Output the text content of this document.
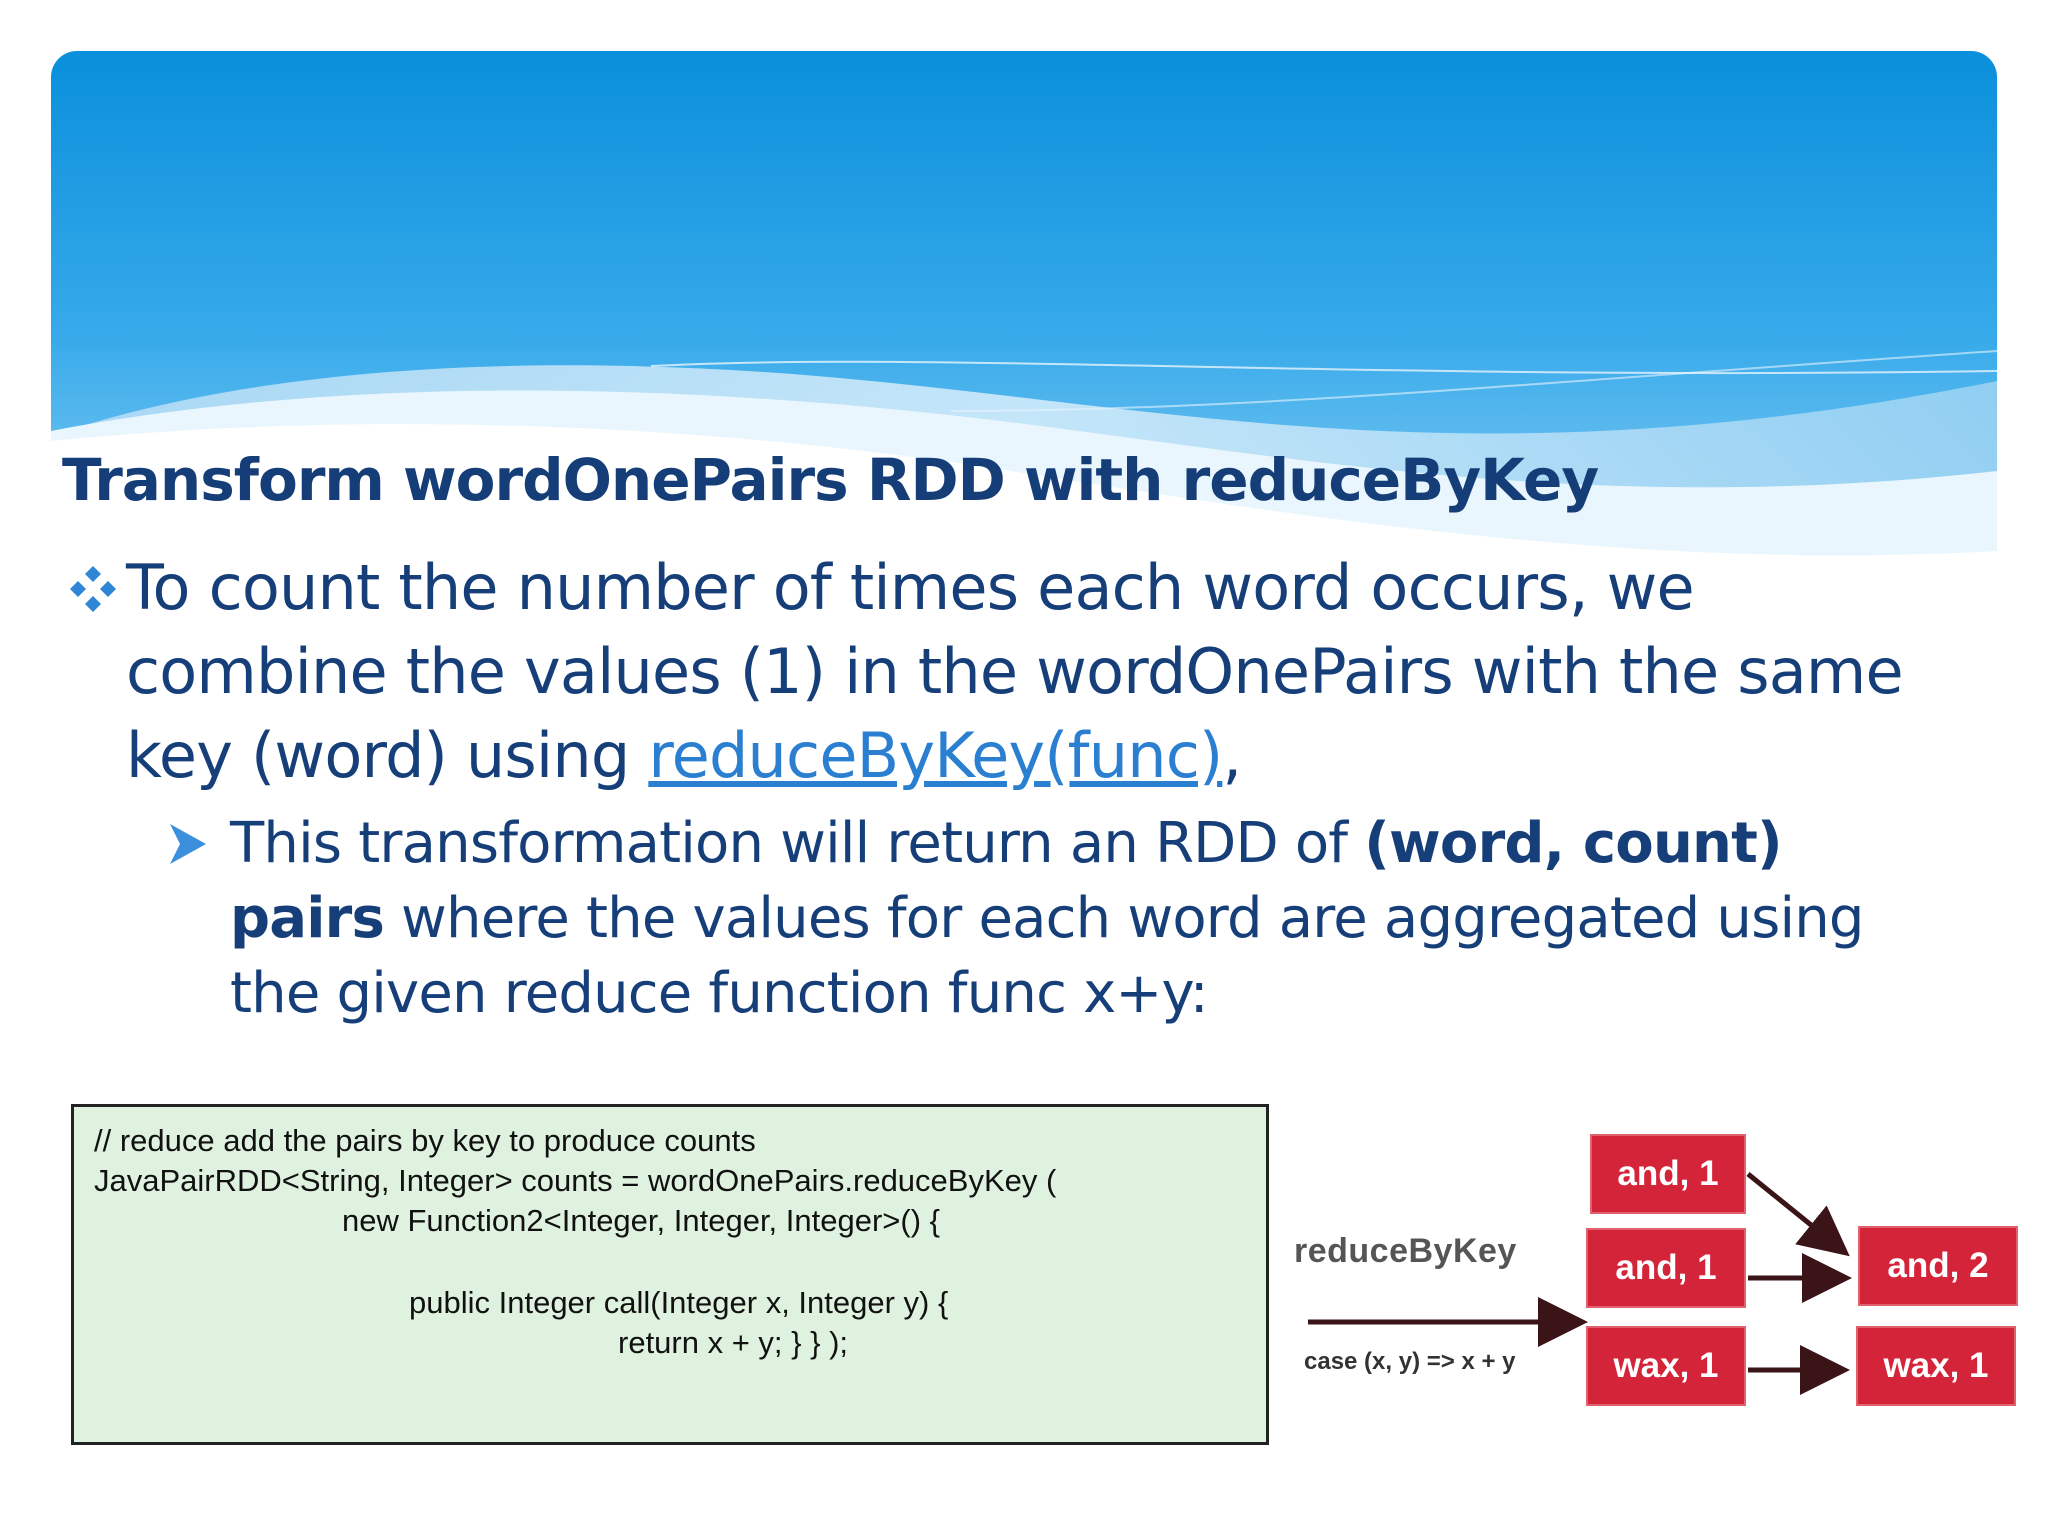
Transform wordOnePairs RDD with reduceByKey
To count the number of times each word occurs, we combine the values (1) in the wordOnePairs with the same key (word) using reduceByKey(func),
This transformation will return an RDD of (word, count) pairs where the values for each word are aggregated using the given reduce function func x+y:
// reduce add the pairs by key to produce counts
JavaPairRDD<String, Integer> counts = wordOnePairs.reduceByKey (
new Function2<Integer, Integer, Integer>() {
public Integer call(Integer x, Integer y) {
return x + y; } } );
reduceByKey
case (x, y) => x + y
and, 1
and, 1
wax, 1
and, 2
wax, 1
